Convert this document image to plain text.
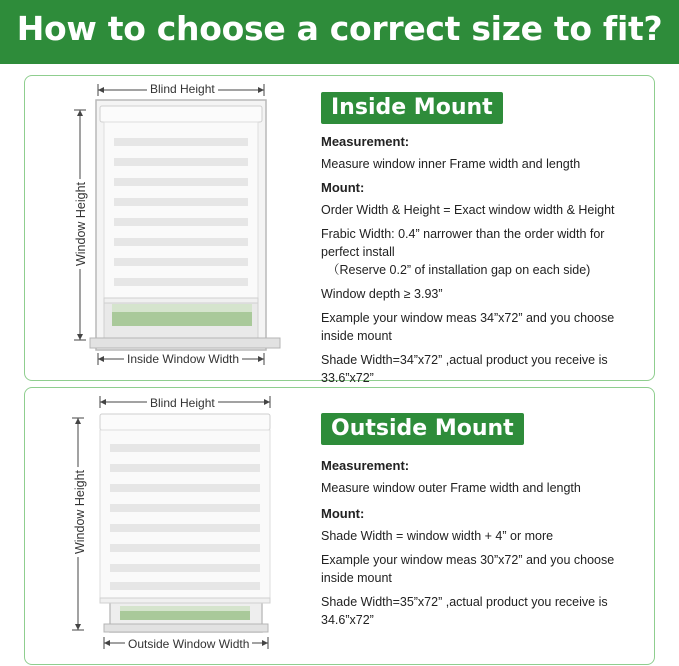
How to choose a correct size to fit?
Blind Height
Window Height
Inside Window Width
Inside Mount

Measurement:

Measure window inner Frame width and length

Mount:

Order Width & Height = Exact window width & Height

Frabic Width: 0.4” narrower than the order width for perfect install

（Reserve 0.2” of installation gap on each side)

Window depth ≥ 3.93”

Example your window meas 34”x72” and you choose inside mount

Shade Width=34”x72” ,actual product you receive is 33.6”x72”

Blind Height
Window Height
Outside Window Width
Outside Mount

Measurement:

Measure window outer Frame width and length

Mount:

Shade Width = window width + 4” or more

Example your window meas 30”x72” and you choose inside mount

Shade Width=35”x72” ,actual product you receive is 34.6”x72”
